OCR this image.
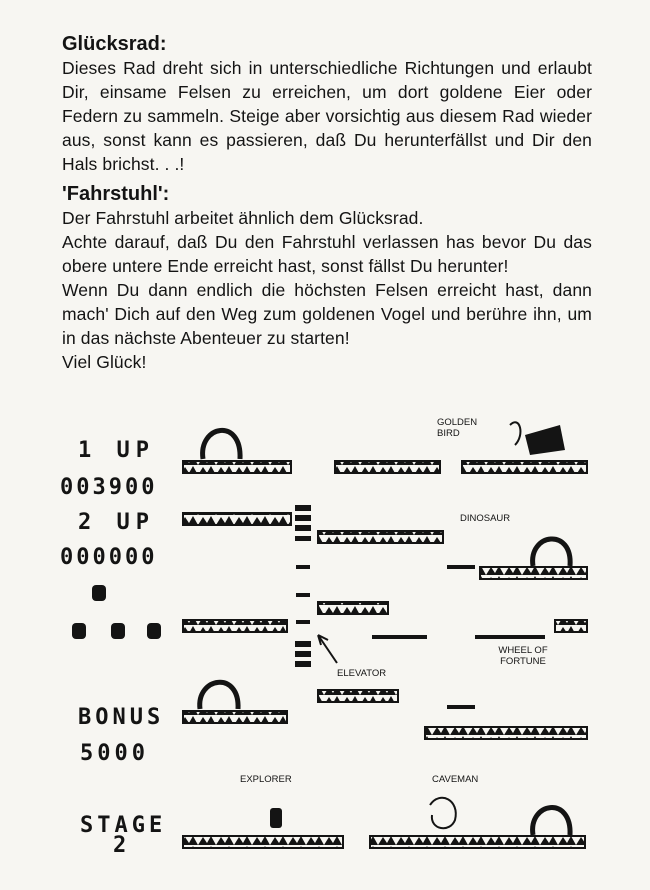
Glücksrad:

Dieses Rad dreht sich in unterschiedliche Richtungen und erlaubt Dir, einsame Felsen zu erreichen, um dort goldene Eier oder Federn zu sammeln. Steige aber vorsichtig aus diesem Rad wieder aus, sonst kann es passieren, daß Du herunterfällst und Dir den Hals brichst. . .!

'Fahrstuhl':

Der Fahrstuhl arbeitet ähnlich dem Glücksrad.

Achte darauf, daß Du den Fahrstuhl verlassen has bevor Du das obere untere Ende erreicht hast, sonst fällst Du herunter!

Wenn Du dann endlich die höchsten Felsen erreicht hast, dann mach' Dich auf den Weg zum goldenen Vogel und berühre ihn, um in das nächste Abenteuer zu starten!

Viel Glück!

1 UP
003900
2 UP
000000
BONUS
5000
STAGE
2
GOLDEN BIRD
DINOSAUR
WHEEL OF FORTUNE
ELEVATOR
EXPLORER	CAVEMAN
